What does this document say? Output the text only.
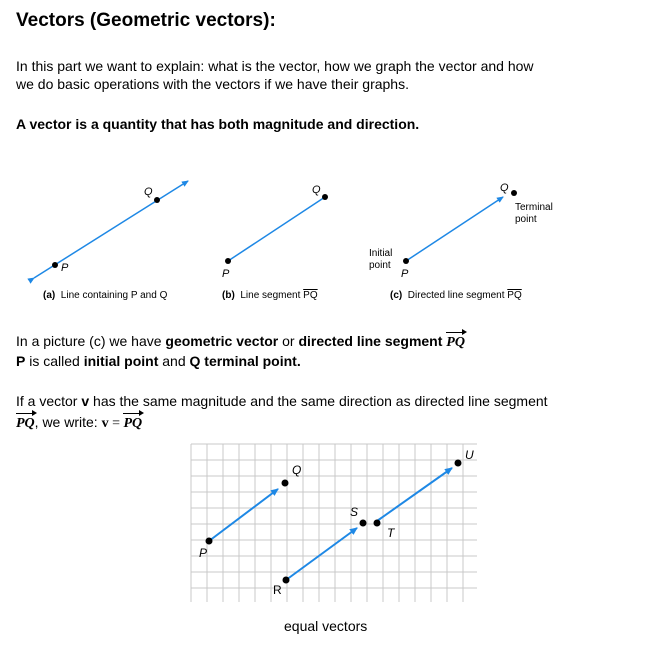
Vectors (Geometric vectors):
In this part we want to explain: what is the vector, how we graph the vector and how
we do basic operations with the vectors if we have their graphs.
A vector is a quantity that has both magnitude and direction.
Q
P
Q
P
Q
P
Terminal
point
Initial
point
(a) Line containing P and Q	(b) Line segment $\overline{PQ}$	(c) Directed line segment $\overline{PQ}$
In a picture (c) we have geometric vector or directed line segment PQ
P is called initial point and Q terminal point.
If a vector v has the same magnitude and the same direction as directed line segment
PQ, we write: v = PQ
P
Q
R
S
T
U
equal vectors
